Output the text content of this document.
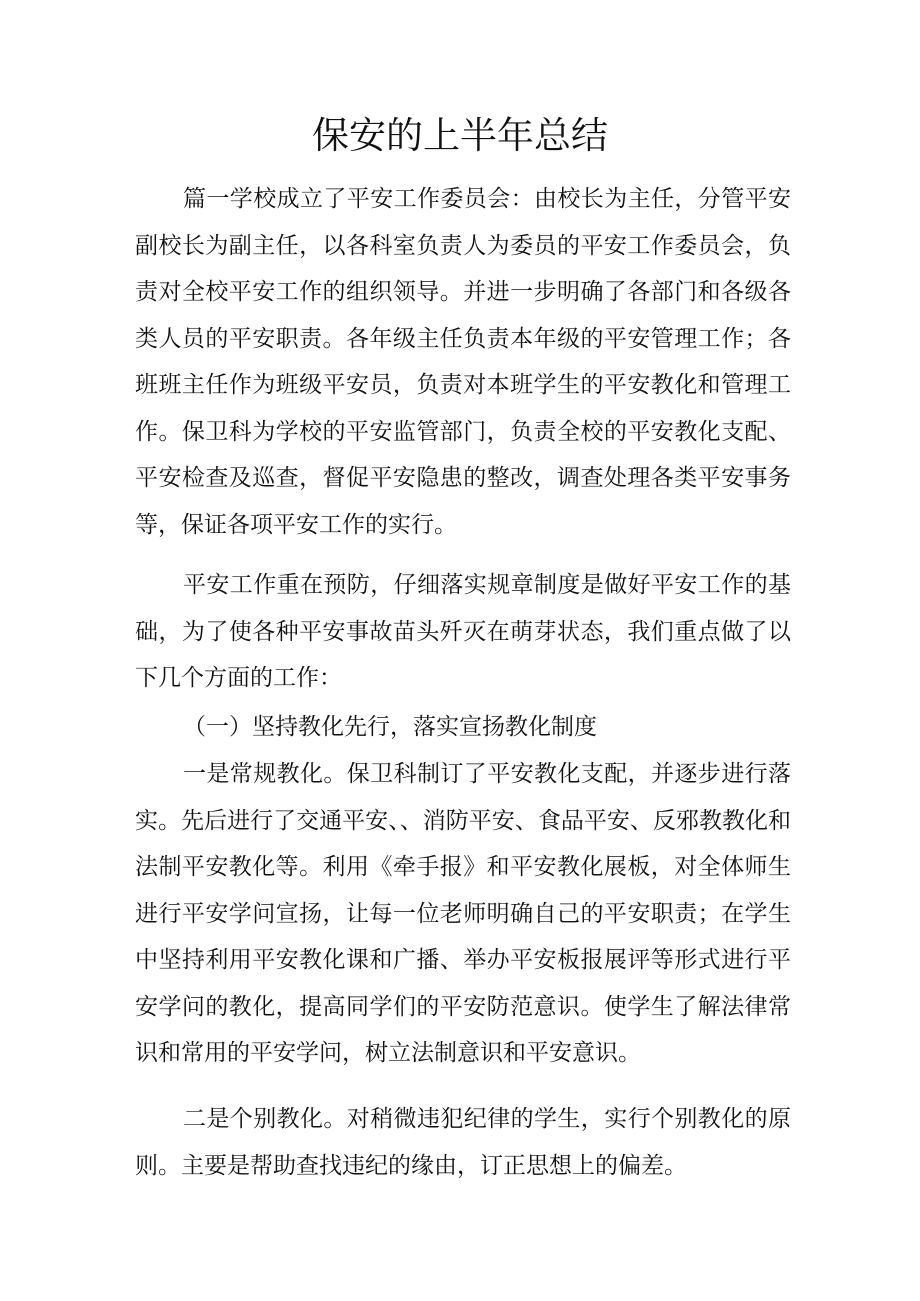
保安的上半年总结

篇一学校成立了平安工作委员会：由校长为主任，分管平安副校长为副主任，以各科室负责人为委员的平安工作委员会，负责对全校平安工作的组织领导。并进一步明确了各部门和各级各类人员的平安职责。各年级主任负责本年级的平安管理工作；各班班主任作为班级平安员，负责对本班学生的平安教化和管理工作。保卫科为学校的平安监管部门，负责全校的平安教化支配、平安检查及巡查，督促平安隐患的整改，调查处理各类平安事务等，保证各项平安工作的实行。

平安工作重在预防，仔细落实规章制度是做好平安工作的基础，为了使各种平安事故苗头歼灭在萌芽状态，我们重点做了以下几个方面的工作：

（一）坚持教化先行，落实宣扬教化制度

一是常规教化。保卫科制订了平安教化支配，并逐步进行落实。先后进行了交通平安、、消防平安、食品平安、反邪教教化和法制平安教化等。利用《牵手报》和平安教化展板，对全体师生进行平安学问宣扬，让每一位老师明确自己的平安职责；在学生中坚持利用平安教化课和广播、举办平安板报展评等形式进行平安学问的教化，提高同学们的平安防范意识。使学生了解法律常识和常用的平安学问，树立法制意识和平安意识。

二是个别教化。对稍微违犯纪律的学生，实行个别教化的原则。主要是帮助查找违纪的缘由，订正思想上的偏差。
